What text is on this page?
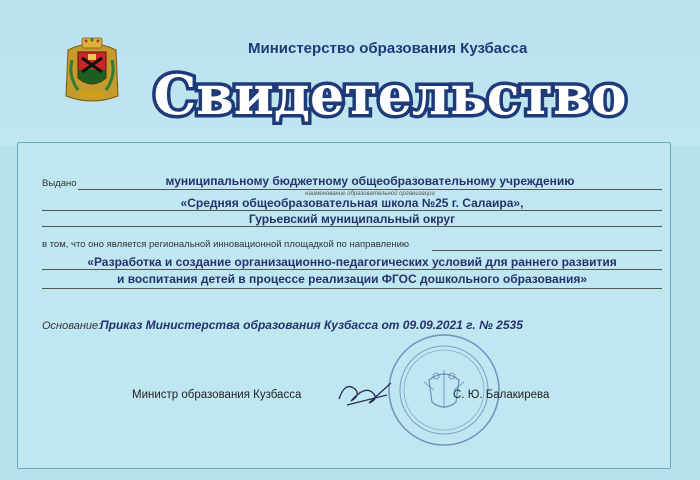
Министерство образования Кузбасса
Свидетельство
Выдано	муниципальному бюджетному общеобразовательному учреждению
наименование образовательной организации
«Средняя общеобразовательная школа №25 г. Салаира»,
Гурьевский муниципальный округ
в том, что оно является региональной инновационной площадкой по направлению
«Разработка и создание организационно-педагогических условий для раннего развития
и воспитания детей в процессе реализации ФГОС дошкольного образования»
Основание:
Приказ Министерства образования Кузбасса от 09.09.2021 г. № 2535
Министр образования Кузбасса	С. Ю. Балакирева
